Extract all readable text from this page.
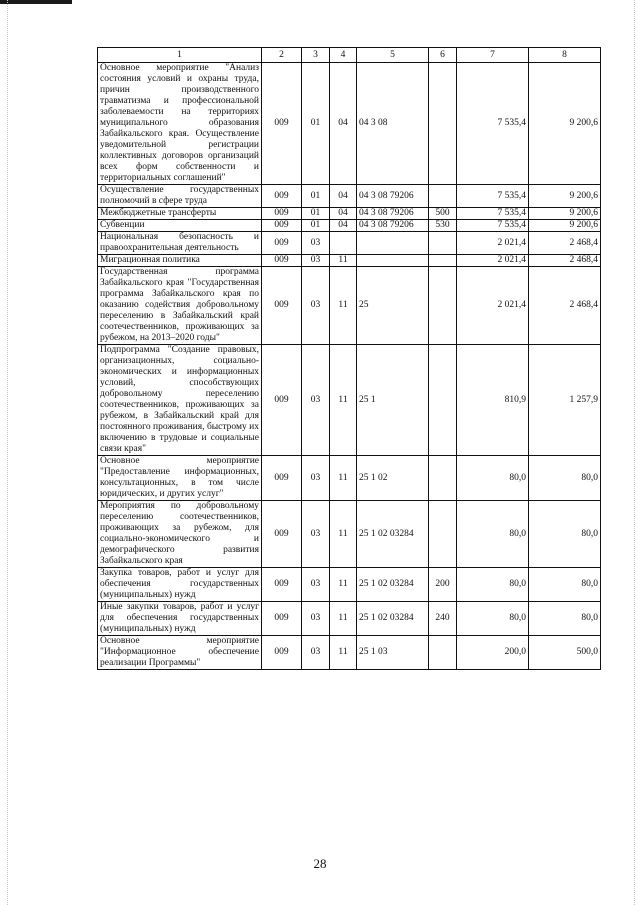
1	2	3	4	5	6	7	8
Основное мероприятие "Анализ состояния условий и охраны труда, причин производственного травматизма и профессиональной заболеваемости на территориях муниципального образования Забайкальского края. Осуществление уведомительной регистрации коллективных договоров организаций всех форм собственности и территориальных соглашений"	009	01	04	04 3 08		7 535,4	9 200,6
Осуществление государственных полномочий в сфере труда	009	01	04	04 3 08 79206		7 535,4	9 200,6
Межбюджетные трансферты	009	01	04	04 3 08 79206	500	7 535,4	9 200,6
Субвенции	009	01	04	04 3 08 79206	530	7 535,4	9 200,6
Национальная безопасность и правоохранительная деятельность	009	03				2 021,4	2 468,4
Миграционная политика	009	03	11			2 021,4	2 468,4
Государственная программа Забайкальского края "Государственная программа Забайкальского края по оказанию содействия добровольному переселению в Забайкальский край соотечественников, проживающих за рубежом, на 2013–2020 годы"	009	03	11	25		2 021,4	2 468,4
Подпрограмма "Создание правовых, организационных, социально-экономических и информационных условий, способствующих добровольному переселению соотечественников, проживающих за рубежом, в Забайкальский край для постоянного проживания, быстрому их включению в трудовые и социальные связи края"	009	03	11	25 1		810,9	1 257,9
Основное мероприятие "Предоставление информационных, консультационных, в том числе юридических, и других услуг"	009	03	11	25 1 02		80,0	80,0
Мероприятия по добровольному переселению соотечественников, проживающих за рубежом, для социально-экономического и демографического развития Забайкальского края	009	03	11	25 1 02 03284		80,0	80,0
Закупка товаров, работ и услуг для обеспечения государственных (муниципальных) нужд	009	03	11	25 1 02 03284	200	80,0	80,0
Иные закупки товаров, работ и услуг для обеспечения государственных (муниципальных) нужд	009	03	11	25 1 02 03284	240	80,0	80,0
Основное мероприятие "Информационное обеспечение реализации Программы"	009	03	11	25 1 03		200,0	500,0
28
